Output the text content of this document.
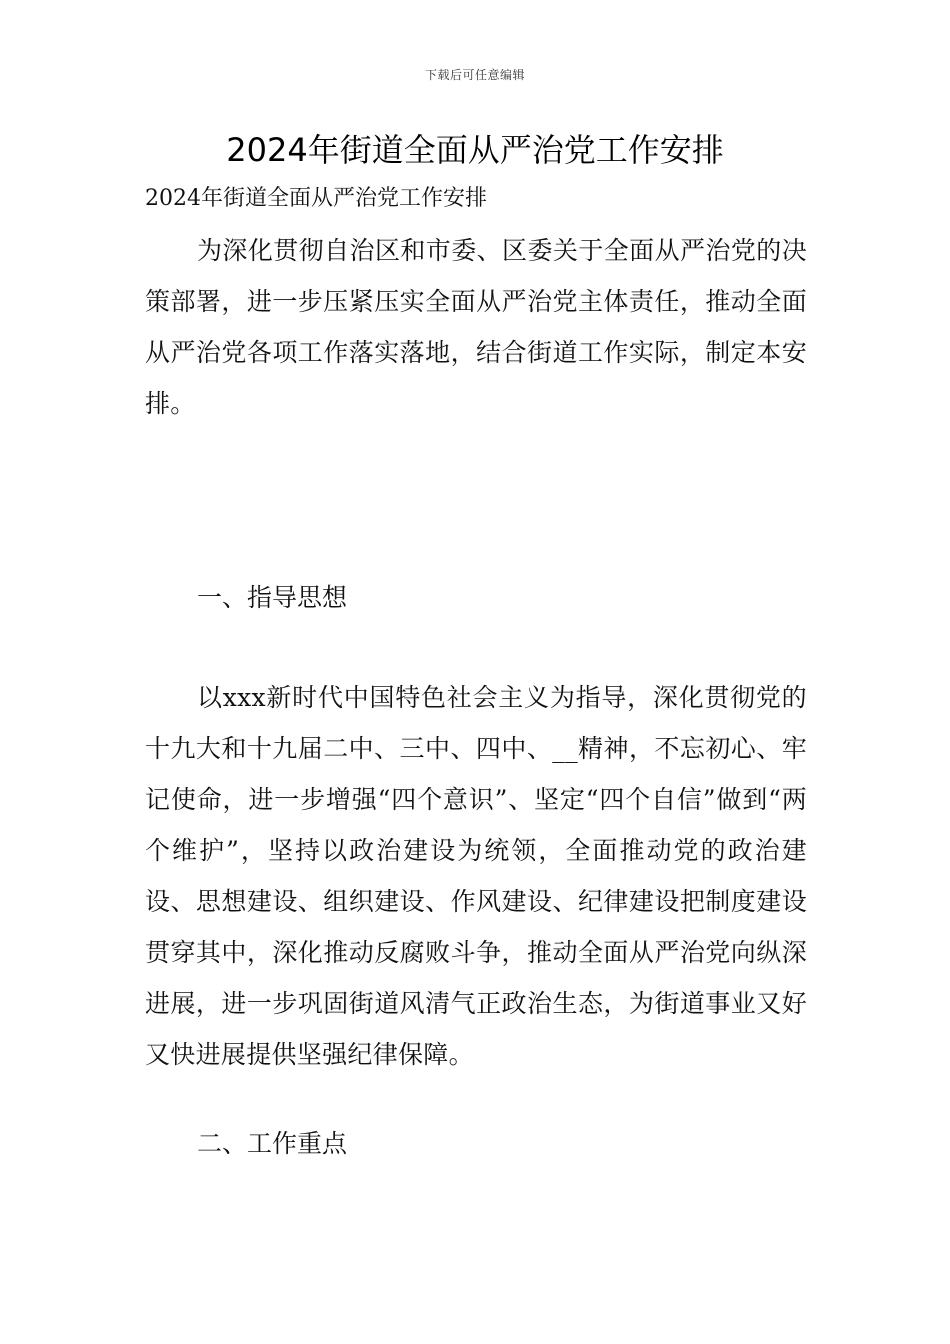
下载后可任意编辑
2024年街道全面从严治党工作安排

2024年街道全面从严治党工作安排

为深化贯彻自治区和市委、区委关于全面从严治党的决策部署，进一步压紧压实全面从严治党主体责任，推动全面从严治党各项工作落实落地，结合街道工作实际，制定本安排。

一、指导思想

以xxx新时代中国特色社会主义为指导，深化贯彻党的十九大和十九届二中、三中、四中、__精神，不忘初心、牢记使命，进一步增强“四个意识”、坚定“四个自信”做到“两个维护”，坚持以政治建设为统领，全面推动党的政治建设、思想建设、组织建设、作风建设、纪律建设把制度建设贯穿其中，深化推动反腐败斗争，推动全面从严治党向纵深进展，进一步巩固街道风清气正政治生态，为街道事业又好又快进展提供坚强纪律保障。

二、工作重点
